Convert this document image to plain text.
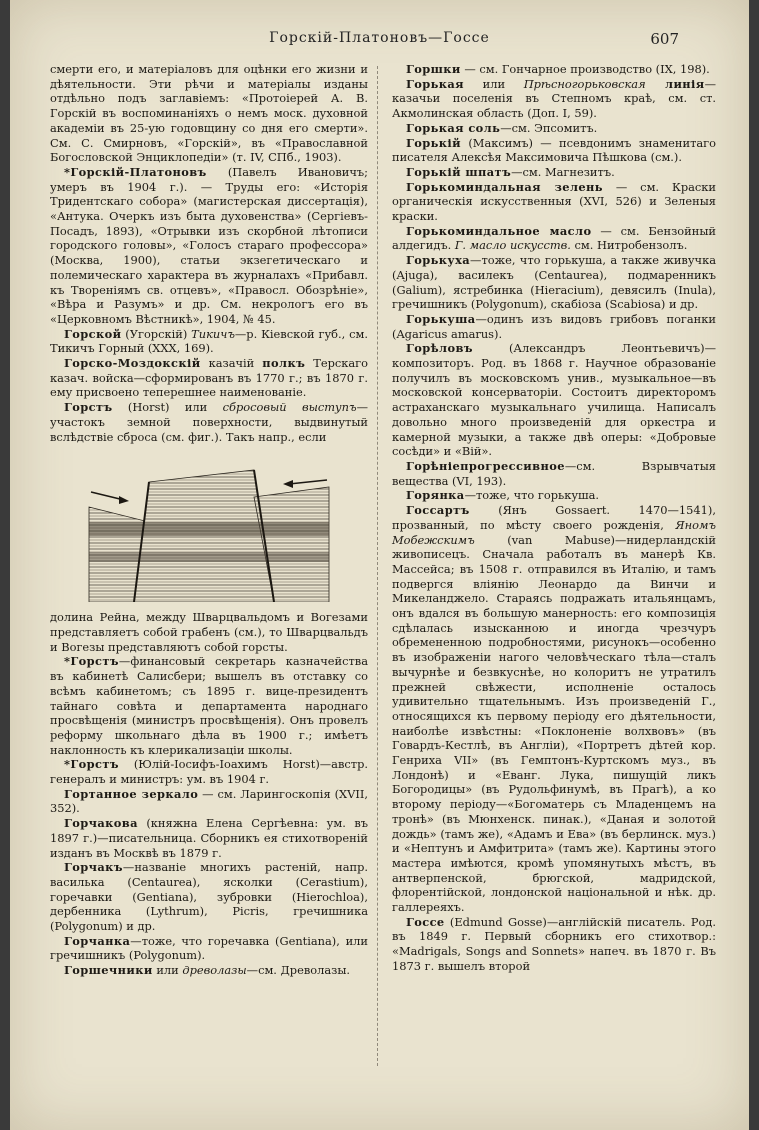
Горскій-Платоновъ—Госсе	607

смерти его, и матеріаловъ для оцѣнки его жизни и дѣятельности. Эти рѣчи и матеріалы изданы отдѣльно подъ заглавіемъ: «Протоіерей А. В. Горскій въ воспоминаніяхъ о немъ моск. духовной академіи въ 25-ую годовщину со дня его смерти». См. С. Смирновъ, «Горскій», въ «Православной Богословской Энциклопедіи» (т. IV, СПб., 1903).

*Горскій-Платоновъ (Павелъ Ивановичъ; умеръ въ 1904 г.). — Труды его: «Исторія Тридентскаго собора» (магистерская диссертація), «Антука. Очеркъ изъ быта духовенства» (Сергіевъ-Посадъ, 1893), «Отрывки изъ скорбной лѣтописи городского головы», «Голосъ стараго профессора» (Москва, 1900), статьи экзегетическаго и полемическаго характера въ журналахъ «Прибавл. къ Твореніямъ св. отцевъ», «Правосл. Обозрѣніе», «Вѣра и Разумъ» и др. См. некрологъ его въ «Церковномъ Вѣстникѣ», 1904, № 45.

Горской (Угорскій) Тикичъ—р. Кіевской губ., см. Тикичъ Горный (XXX, 169).

Горско-Моздокскій казачій полкъ Терскаго казач. войска—сформированъ въ 1770 г.; въ 1870 г. ему присвоено теперешнее наименованіе.

Горстъ (Horst) или сбросовый выступъ—участокъ земной поверхности, выдвинутый вслѣдствіе сброса (см. фиг.). Такъ напр., если

долина Рейна, между Шварцвальдомъ и Вогезами представляетъ собой грабенъ (см.), то Шварцвальдъ и Вогезы представляютъ собой горсты.

*Горстъ—финансовый секретарь казначейства въ кабинетѣ Салисбери; вышелъ въ отставку со всѣмъ кабинетомъ; съ 1895 г. вице-президентъ тайнаго совѣта и департамента народнаго просвѣщенія (министръ просвѣщенія). Онъ провелъ реформу школьнаго дѣла въ 1900 г.; имѣетъ наклонность къ клерикализаціи школы.

*Горстъ (Юлій-Іосифъ-Іоахимъ Horst)—австр. генералъ и министръ: ум. въ 1904 г.

Гортанное зеркало — см. Ларингоскопія (XVII, 352).

Горчакова (княжна Елена Сергѣевна: ум. въ 1897 г.)—писательница. Сборникъ ея стихотвореній изданъ въ Москвѣ въ 1879 г.

Горчакъ—названіе многихъ растеній, напр. василька (Centaurea), ясколки (Cerastium), горечавки (Gentiana), зубровки (Hierochloa), дербенника (Lythrum), Picris, гречишника (Polygonum) и др.

Горчанка—тоже, что горечавка (Gentiana), или гречишникъ (Polygonum).

Горшечники или древолазы—см. Древолазы.

Горшки — см. Гончарное производство (IX, 198).

Горькая или Прѣсногорьковская линія—казачьи поселенія въ Степномъ краѣ, см. ст. Акмолинская область (Доп. I, 59).

Горькая соль—см. Эпсомитъ.

Горькій (Максимъ) — псевдонимъ знаменитаго писателя Алексѣя Максимовича Пѣшкова (см.).

Горькій шпатъ—см. Магнезитъ.

Горькоминдальная зелень — см. Краски органическія искусственныя (XVI, 526) и Зеленыя краски.

Горькоминдальное масло — см. Бензойный алдегидъ. Г. масло искусств. см. Нитробензолъ.

Горькуха—тоже, что горькуша, а также живучка (Ajuga), василекъ (Centaurea), подмаренникъ (Galium), ястребинка (Hieracium), девясилъ (Inula), гречишникъ (Polygonum), скабіоза (Scabiosa) и др.

Горькуша—одинъ изъ видовъ грибовъ поганки (Agaricus amarus).

Горѣловъ (Александръ Леонтьевичъ)—композиторъ. Род. въ 1868 г. Научное образованіе получилъ въ московскомъ унив., музыкальное—въ московской консерваторіи. Состоитъ директоромъ астраханскаго музыкальнаго училища. Написалъ довольно много произведеній для оркестра и камерной музыки, а также двѣ оперы: «Добровые сосѣди» и «Вій».

Горѣніепрогрессивное—см. Взрывчатыя вещества (VI, 193).

Горянка—тоже, что горькуша.

Госсартъ (Янъ Gossaert. 1470—1541), прозванный, по мѣсту своего рожденія, Яномъ Мобежскимъ (van Mabuse)—нидерландскій живописецъ. Сначала работалъ въ манерѣ Кв. Массейса; въ 1508 г. отправился въ Италію, и тамъ подвергся вліянію Леонардо да Винчи и Микеланджело. Стараясь подражать итальянцамъ, онъ вдался въ большую манерность: его композиція сдѣлалась изысканною и иногда чрезчуръ обремененною подробностями, рисунокъ—особенно въ изображеніи нагого человѣческаго тѣла—сталъ вычурнѣе и безвкуснѣе, но колоритъ не утратилъ прежней свѣжести, исполненіе осталось удивительно тщательнымъ. Изъ произведеній Г., относящихся къ первому періоду его дѣятельности, наиболѣе извѣстны: «Поклоненіе волхвовъ» (въ Говардъ-Кестлѣ, въ Англіи), «Портретъ дѣтей кор. Генриха VII» (въ Гемптонъ-Куртскомъ муз., въ Лондонѣ) и «Еванг. Лука, пишущій ликъ Богородицы» (въ Рудольфинумѣ, въ Прагѣ), а ко второму періоду—«Богоматерь съ Младенцемъ на тронѣ» (въ Мюнхенск. пинак.), «Даная и золотой дождь» (тамъ же), «Адамъ и Ева» (въ берлинск. муз.) и «Нептунъ и Амфитрита» (тамъ же). Картины этого мастера имѣются, кромѣ упомянутыхъ мѣстъ, въ антверпенской, брюгской, мадридской, флорентійской, лондонской національной и нѣк. др. галлереяхъ.

Госсе (Edmund Gosse)—англійскій писатель. Род. въ 1849 г. Первый сборникъ его стихотвор.: «Madrigals, Songs and Sonnets» напеч. въ 1870 г. Въ 1873 г. вышелъ второй
